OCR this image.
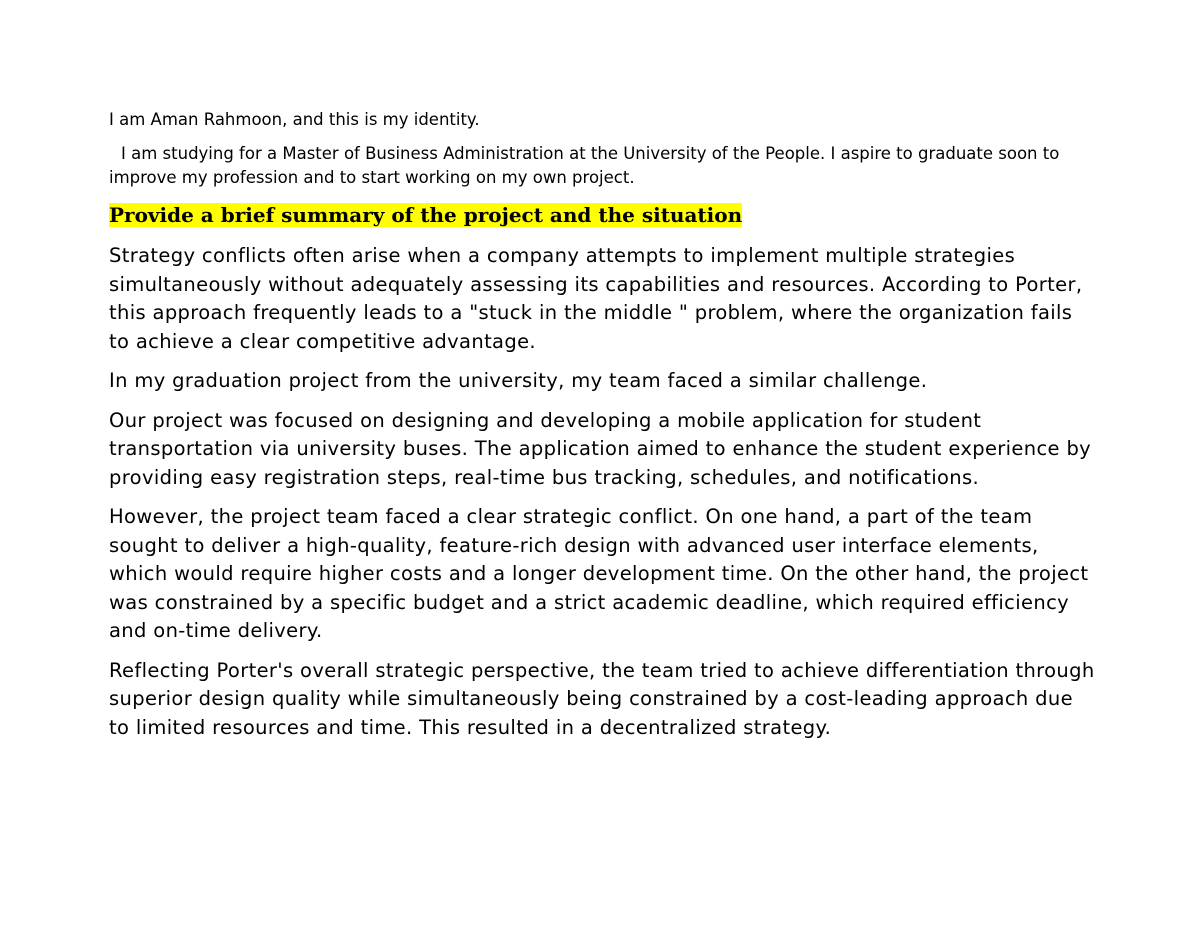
I am Aman Rahmoon, and this is my identity.

I am studying for a Master of Business Administration at the University of the People. I aspire to graduate soon to improve my profession and to start working on my own project.

Provide a brief summary of the project and the situation

Strategy conflicts often arise when a company attempts to implement multiple strategies simultaneously without adequately assessing its capabilities and resources. According to Porter, this approach frequently leads to a "stuck in the middle " problem, where the organization fails to achieve a clear competitive advantage.

In my graduation project from the university, my team faced a similar challenge.

Our project was focused on designing and developing a mobile application for student transportation via university buses. The application aimed to enhance the student experience by providing easy registration steps, real-time bus tracking, schedules, and notifications.

However, the project team faced a clear strategic conflict. On one hand, a part of the team sought to deliver a high-quality, feature-rich design with advanced user interface elements, which would require higher costs and a longer development time. On the other hand, the project was constrained by a specific budget and a strict academic deadline, which required efficiency and on-time delivery.

Reflecting Porter's overall strategic perspective, the team tried to achieve differentiation through superior design quality while simultaneously being constrained by a cost-leading approach due to limited resources and time. This resulted in a decentralized strategy.
